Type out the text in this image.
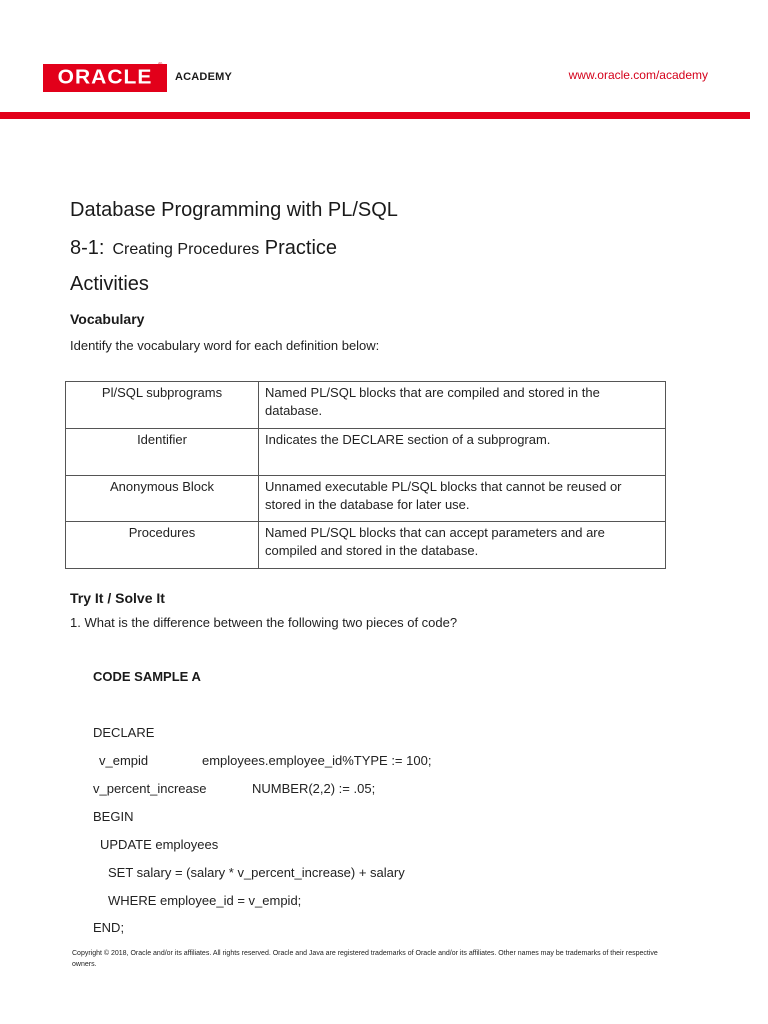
ORACLE
®
ACADEMY	www.oracle.com/academy
Database Programming with PL/SQL
8-1: Creating Procedures Practice
Activities
Vocabulary
Identify the vocabulary word for each definition below:
Pl/SQL subprograms	Named PL/SQL blocks that are compiled and stored in the database.
Identifier	Indicates the DECLARE section of a subprogram.
Anonymous Block	Unnamed executable PL/SQL blocks that cannot be reused or stored in the database for later use.
Procedures	Named PL/SQL blocks that can accept parameters and are compiled and stored in the database.
Try It / Solve It
1. What is the difference between the following two pieces of code?
CODE SAMPLE A
DECLARE
v_empid	employees.employee_id%TYPE := 100;
v_percent_increase	NUMBER(2,2) := .05;
BEGIN
UPDATE employees
SET salary = (salary * v_percent_increase) + salary
WHERE employee_id = v_empid;
END;
Copyright © 2018, Oracle and/or its affiliates. All rights reserved. Oracle and Java are registered trademarks of Oracle and/or its affiliates. Other names may be trademarks of their respective owners.
